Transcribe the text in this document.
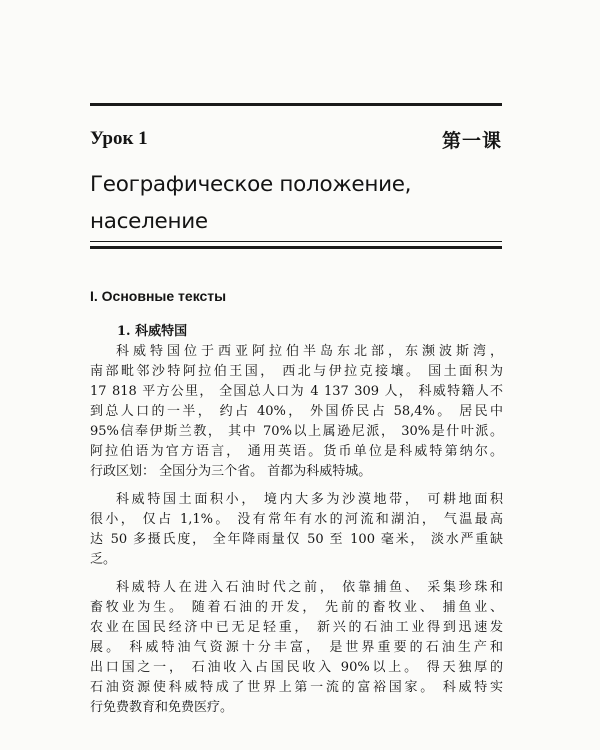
Урок 1	第一课
Географическое положение,
население
I. Основные тексты
1. 科威特国

科威特国位于西亚阿拉伯半岛东北部，东濒波斯湾，
南部毗邻沙特阿拉伯王国， 西北与伊拉克接壤。 国土面积为
17 818 平方公里， 全国总人口为 4 137 309 人， 科威特籍人不
到总人口的一半， 约占 40%， 外国侨民占 58,4%。 居民中
95%信奉伊斯兰教， 其中 70%以上属逊尼派， 30%是什叶派。
阿拉伯语为官方语言， 通用英语。货币单位是科威特第纳尔。
行政区划： 全国分为三个省。 首都为科威特城。

科威特国土面积小， 境内大多为沙漠地带， 可耕地面积
很小， 仅占 1,1%。 没有常年有水的河流和湖泊， 气温最高
达 50 多摄氏度， 全年降雨量仅 50 至 100 毫米， 淡水严重缺
乏。

科威特人在进入石油时代之前， 依靠捕鱼、 采集珍珠和
畜牧业为生。 随着石油的开发， 先前的畜牧业、 捕鱼业、
农业在国民经济中已无足轻重， 新兴的石油工业得到迅速发
展。 科威特油气资源十分丰富， 是世界重要的石油生产和
出口国之一， 石油收入占国民收入 90%以上。 得天独厚的
石油资源使科威特成了世界上第一流的富裕国家。 科威特实
行免费教育和免费医疗。
